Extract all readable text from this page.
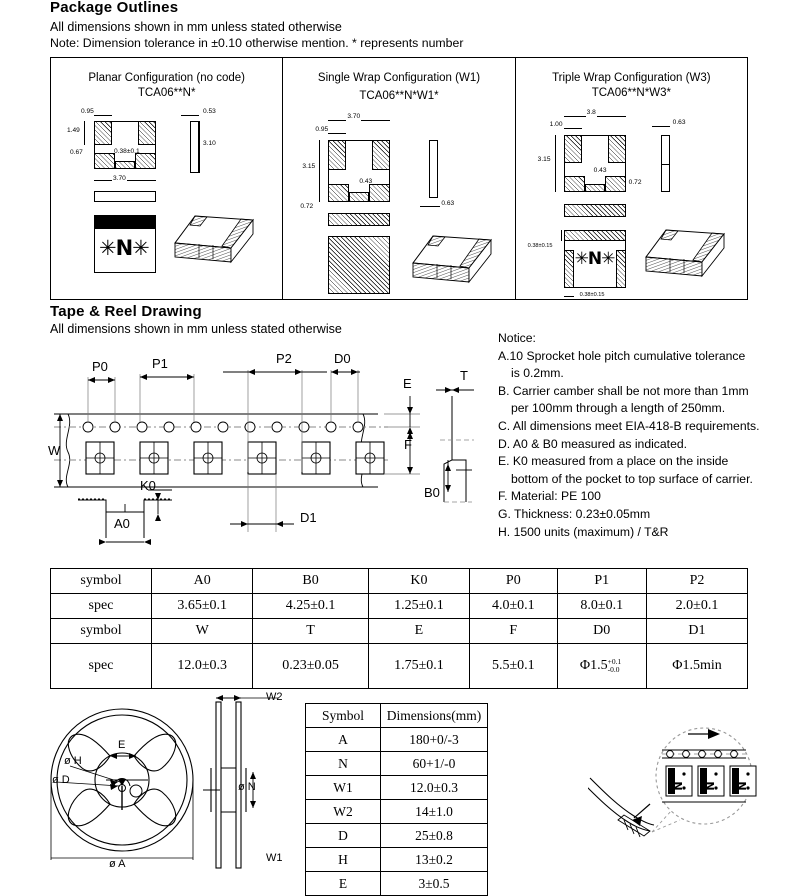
Package Outlines
All dimensions shown in mm unless stated otherwise
Note: Dimension tolerance in ±0.10 otherwise mention. * represents number
Planar Configuration (no code)
TCA06**N*
0.95
1.49
0.67	0.38±0.1
3.70
0.53
3.10
✳N✳
Single Wrap Configuration (W1)
TCA06**N*W1*
3.70
0.95
3.15
0.72
0.43
0.63
Triple Wrap Configuration (W3)
TCA06**N*W3*
3.8
1.00
3.15
0.43
0.72
0.63
✳N✳
0.38±0.15
0.38±0.15
Tape & Reel Drawing
All dimensions shown in mm unless stated otherwise
P0	P1	P2	D0
E
T
F
B0
W
K0
A0	D1
Notice:
A.10 Sprocket hole pitch cumulative tolerance
is 0.2mm.
B. Carrier camber shall be not more than 1mm
per 100mm through a length of 250mm.
C. All dimensions meet EIA-418-B requirements.
D. A0 & B0 measured as indicated.
E. K0 measured from a place on the inside
bottom of the pocket to top surface of carrier.
F. Material: PE 100
G. Thickness: 0.23±0.05mm
H. 1500 units (maximum) / T&R
symbol	A0	B0	K0	P0	P1	P2
spec	3.65±0.1	4.25±0.1	1.25±0.1	4.0±0.1	8.0±0.1	2.0±0.1
symbol	W	T	E	F	D0	D1
spec	12.0±0.3	0.23±0.05	1.75±0.1	5.5±0.1	Φ1.5 +0.1
-0.0	Φ1.5min
W2
W1
ø N
ø A
ø D
ø H
E
Symbol	Dimensions(mm)
A	180+0/-3
N	60+1/-0
W1	12.0±0.3
W2	14±1.0
D	25±0.8
H	13±0.2
E	3±0.5
N N N
